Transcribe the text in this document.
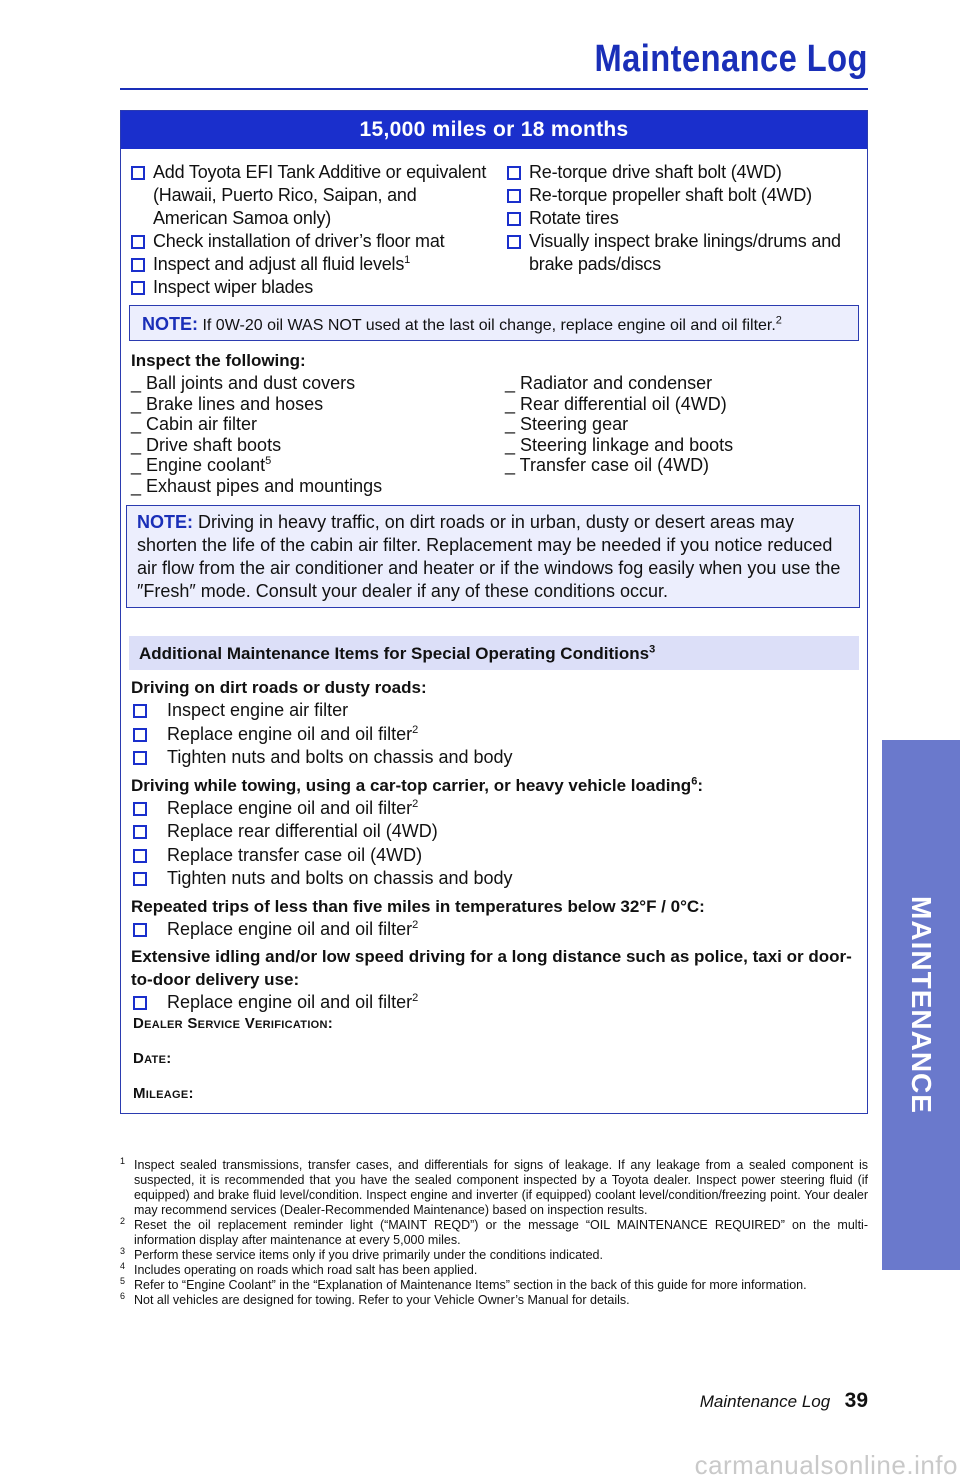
Maintenance Log
MAINTENANCE
15,000 miles or 18 months
Add Toyota EFI Tank Additive or equivalent (Hawaii, Puerto Rico, Saipan, and American Samoa only)
Check installation of driver’s floor mat
Inspect and adjust all fluid levels$^1$
Inspect wiper blades
Re-torque drive shaft bolt (4WD)
Re-torque propeller shaft bolt (4WD)
Rotate tires
Visually inspect brake linings/drums and brake pads/discs
NOTE: If 0W-20 oil WAS NOT used at the last oil change, replace engine oil and oil filter.$^2$
Inspect the following:
_ Ball joints and dust covers
_ Brake lines and hoses
_ Cabin air filter
_ Drive shaft boots
_ Engine coolant$^5$
_ Exhaust pipes and mountings
_ Radiator and condenser
_ Rear differential oil (4WD)
_ Steering gear
_ Steering linkage and boots
_ Transfer case oil (4WD)
NOTE: Driving in heavy traffic, on dirt roads or in urban, dusty or desert areas may shorten the life of the cabin air filter. Replacement may be needed if you notice reduced air flow from the air conditioner and heater or if the windows fog easily when you use the ″Fresh″ mode. Consult your dealer if any of these conditions occur.
Additional Maintenance Items for Special Operating Conditions$^3$
Driving on dirt roads or dusty roads:
Inspect engine air filter
Replace engine oil and oil filter$^2$
Tighten nuts and bolts on chassis and body
Driving while towing, using a car-top carrier, or heavy vehicle loading$^6$:
Replace engine oil and oil filter$^2$
Replace rear differential oil (4WD)
Replace transfer case oil (4WD)
Tighten nuts and bolts on chassis and body
Repeated trips of less than five miles in temperatures below 32°F / 0°C:
Replace engine oil and oil filter$^2$
Extensive idling and/or low speed driving for a long distance such as police, taxi or door-to-door delivery use:
Replace engine oil and oil filter$^2$
Dealer Service Verification:
Date:
Mileage:
1 Inspect sealed transmissions, transfer cases, and differentials for signs of leakage. If any leakage from a sealed component is suspected, it is recommended that you have the sealed component inspected by a Toyota dealer. Inspect power steering fluid (if equipped) and brake fluid level/condition. Inspect engine and inverter (if equipped) coolant level/condition/freezing point. Your dealer may recommend services (Dealer-Recommended Maintenance) based on inspection results.
2 Reset the oil replacement reminder light (“MAINT REQD”) or the message “OIL MAINTENANCE REQUIRED” on the multi-information display after maintenance at every 5,000 miles.
3 Perform these service items only if you drive primarily under the conditions indicated.
4 Includes operating on roads which road salt has been applied.
5 Refer to “Engine Coolant” in the “Explanation of Maintenance Items” section in the back of this guide for more information.
6 Not all vehicles are designed for towing. Refer to your Vehicle Owner’s Manual for details.
Maintenance Log 39
carmanualsonline.info
